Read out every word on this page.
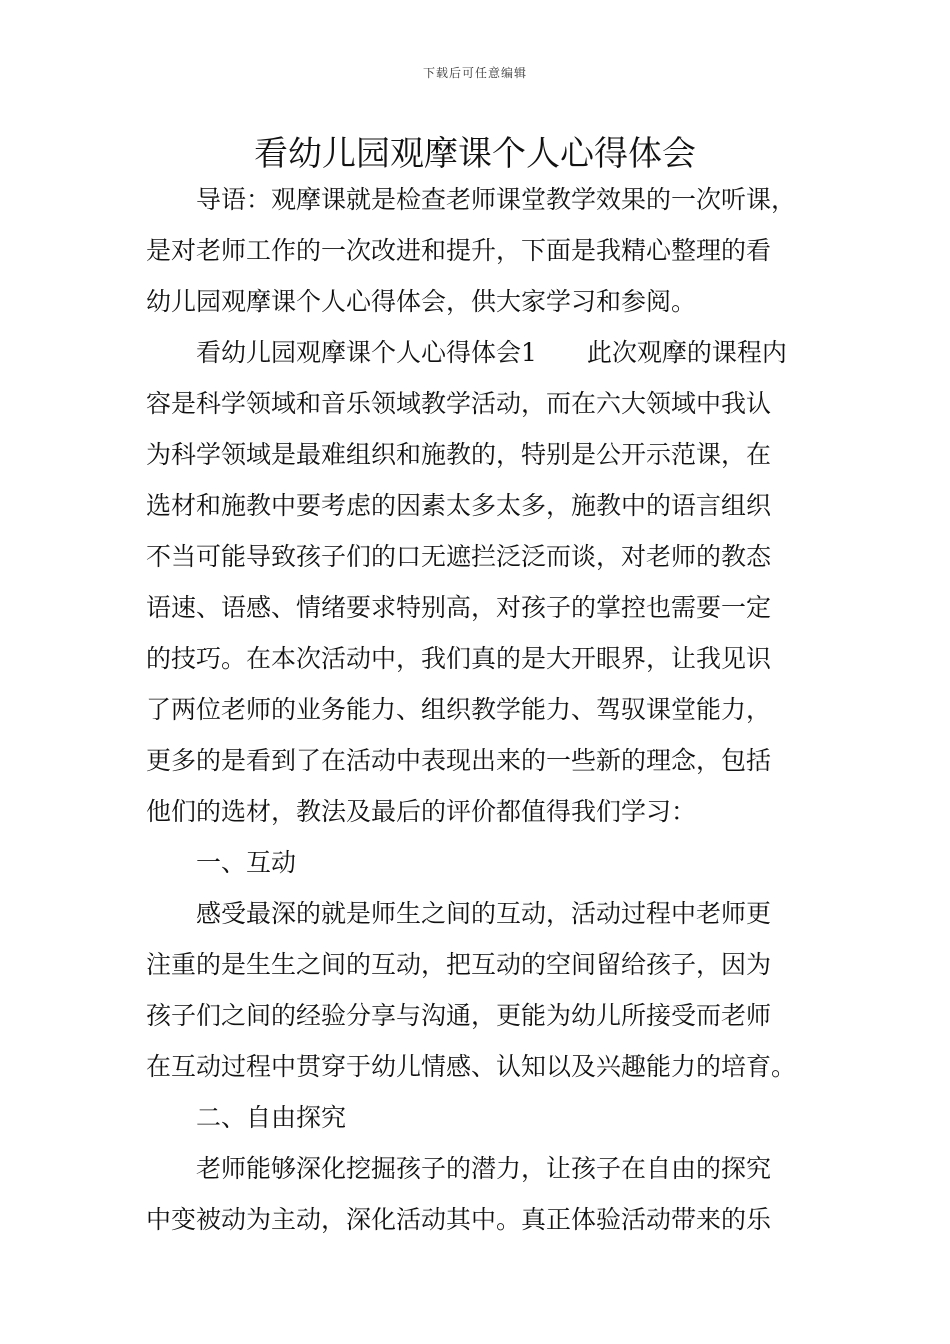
下载后可任意编辑
看幼儿园观摩课个人心得体会
导语：观摩课就是检查老师课堂教学效果的一次听课，
是对老师工作的一次改进和提升，下面是我精心整理的看
幼儿园观摩课个人心得体会，供大家学习和参阅。
看幼儿园观摩课个人心得体会1　　此次观摩的课程内
容是科学领域和音乐领域教学活动，而在六大领域中我认
为科学领域是最难组织和施教的，特别是公开示范课，在
选材和施教中要考虑的因素太多太多，施教中的语言组织
不当可能导致孩子们的口无遮拦泛泛而谈，对老师的教态
语速、语感、情绪要求特别高，对孩子的掌控也需要一定
的技巧。在本次活动中，我们真的是大开眼界，让我见识
了两位老师的业务能力、组织教学能力、驾驭课堂能力，
更多的是看到了在活动中表现出来的一些新的理念，包括
他们的选材，教法及最后的评价都值得我们学习：
一、互动
感受最深的就是师生之间的互动，活动过程中老师更
注重的是生生之间的互动，把互动的空间留给孩子，因为
孩子们之间的经验分享与沟通，更能为幼儿所接受而老师
在互动过程中贯穿于幼儿情感、认知以及兴趣能力的培育。
二、自由探究
老师能够深化挖掘孩子的潜力，让孩子在自由的探究
中变被动为主动，深化活动其中。真正体验活动带来的乐
